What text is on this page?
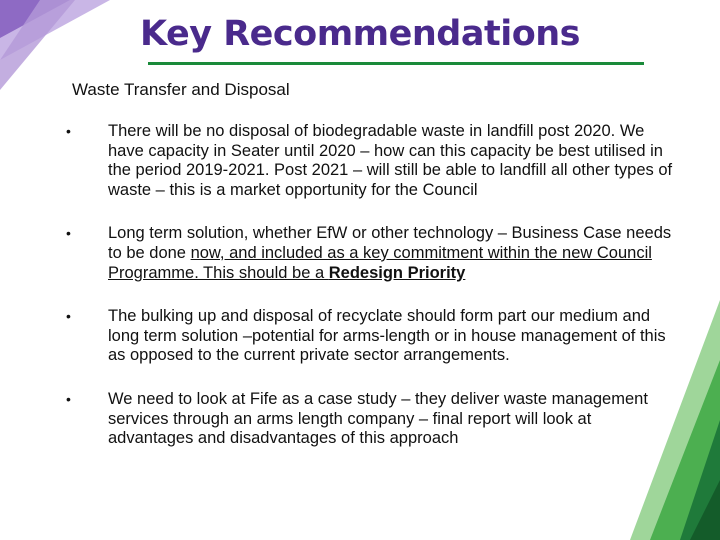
Key Recommendations
Waste Transfer and Disposal
• There will be no disposal of biodegradable waste in landfill post 2020. We have capacity in Seater until 2020 – how can this capacity be best utilised in the period 2019-2021. Post 2021 – will still be able to landfill all other types of waste – this is a market opportunity for the Council
• Long term solution, whether EfW or other technology – Business Case needs to be done now, and included as a key commitment within the new Council Programme. This should be a Redesign Priority
• The bulking up and disposal of recyclate should form part our medium and long term solution –potential for arms-length or in house management of this as opposed to the current private sector arrangements.
• We need to look at Fife as a case study – they deliver waste management services through an arms length company – final report will look at advantages and disadvantages of this approach
